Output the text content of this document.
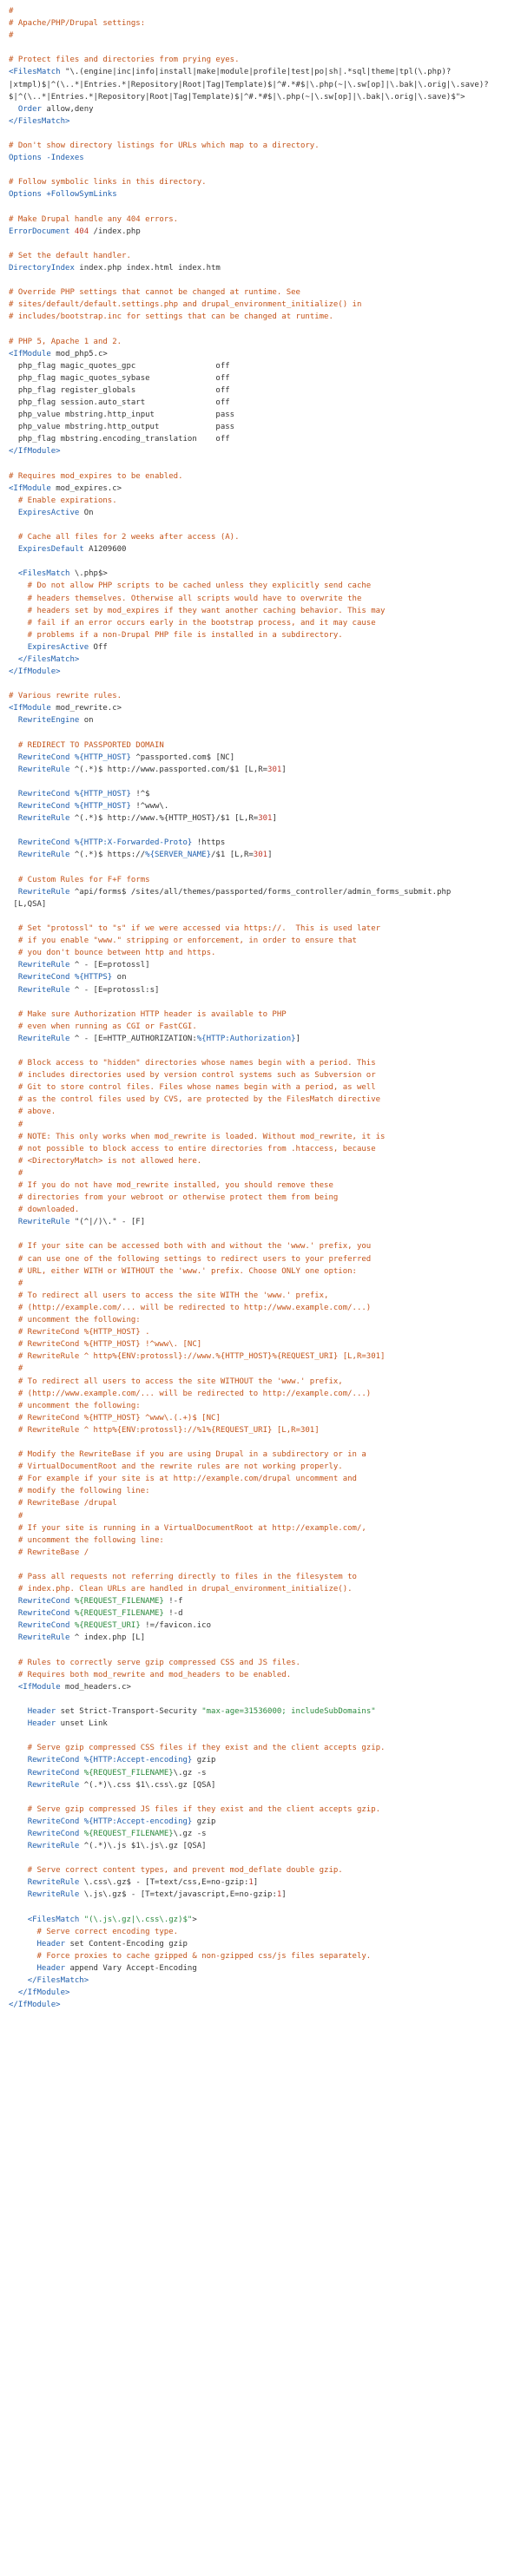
#
# Apache/PHP/Drupal settings:
#

# Protect files and directories from prying eyes.
<FilesMatch "\.(engine|inc|info|install|make|module|profile|test|po|sh|.*sql|theme|tpl(\.php)?
|xtmpl)$|^(\..*|Entries.*|Repository|Root|Tag|Template)$|^#.*#$|\.php(~|\.sw[op]|\.bak|\.orig|\.save)?
$|^(\..*|Entries.*|Repository|Root|Tag|Template)$|^#.*#$|\.php(~|\.sw[op]|\.bak|\.orig|\.save)$">
Order allow,deny
</FilesMatch>

# Don't show directory listings for URLs which map to a directory.
Options -Indexes

# Follow symbolic links in this directory.
Options +FollowSymLinks

# Make Drupal handle any 404 errors.
ErrorDocument 404 /index.php

# Set the default handler.
DirectoryIndex index.php index.html index.htm

# Override PHP settings that cannot be changed at runtime. See
# sites/default/default.settings.php and drupal_environment_initialize() in
# includes/bootstrap.inc for settings that can be changed at runtime.

# PHP 5, Apache 1 and 2.
<IfModule mod_php5.c>
php_flag magic_quotes_gpc                 off
php_flag magic_quotes_sybase              off
php_flag register_globals                 off
php_flag session.auto_start               off
php_value mbstring.http_input             pass
php_value mbstring.http_output            pass
php_flag mbstring.encoding_translation    off
</IfModule>

# Requires mod_expires to be enabled.
<IfModule mod_expires.c>
# Enable expirations.
ExpiresActive On

# Cache all files for 2 weeks after access (A).
ExpiresDefault A1209600

<FilesMatch \.php$>
# Do not allow PHP scripts to be cached unless they explicitly send cache
# headers themselves. Otherwise all scripts would have to overwrite the
# headers set by mod_expires if they want another caching behavior. This may
# fail if an error occurs early in the bootstrap process, and it may cause
# problems if a non-Drupal PHP file is installed in a subdirectory.
ExpiresActive Off
</FilesMatch>
</IfModule>

# Various rewrite rules.
<IfModule mod_rewrite.c>
RewriteEngine on

# REDIRECT TO PASSPORTED DOMAIN
RewriteCond %{HTTP_HOST} ^passported.com$ [NC]
RewriteRule ^(.*)$ http://www.passported.com/$1 [L,R=301]

RewriteCond %{HTTP_HOST} !^$
RewriteCond %{HTTP_HOST} !^www\.
RewriteRule ^(.*)$ http://www.%{HTTP_HOST}/$1 [L,R=301]

RewriteCond %{HTTP:X-Forwarded-Proto} !https
RewriteRule ^(.*)$ https://%{SERVER_NAME}/$1 [L,R=301]

# Custom Rules for F+F forms
RewriteRule ^api/forms$ /sites/all/themes/passported/forms_controller/admin_forms_submit.php
[L,QSA]

# Set "protossl" to "s" if we were accessed via https://.  This is used later
# if you enable "www." stripping or enforcement, in order to ensure that
# you don't bounce between http and https.
RewriteRule ^ - [E=protossl]
RewriteCond %{HTTPS} on
RewriteRule ^ - [E=protossl:s]

# Make sure Authorization HTTP header is available to PHP
# even when running as CGI or FastCGI.
RewriteRule ^ - [E=HTTP_AUTHORIZATION:%{HTTP:Authorization}]

# Block access to "hidden" directories whose names begin with a period. This
# includes directories used by version control systems such as Subversion or
# Git to store control files. Files whose names begin with a period, as well
# as the control files used by CVS, are protected by the FilesMatch directive
# above.
#
# NOTE: This only works when mod_rewrite is loaded. Without mod_rewrite, it is
# not possible to block access to entire directories from .htaccess, because
# <DirectoryMatch> is not allowed here.
#
# If you do not have mod_rewrite installed, you should remove these
# directories from your webroot or otherwise protect them from being
# downloaded.
RewriteRule "(^|/)\." - [F]

# If your site can be accessed both with and without the 'www.' prefix, you
# can use one of the following settings to redirect users to your preferred
# URL, either WITH or WITHOUT the 'www.' prefix. Choose ONLY one option:
#
# To redirect all users to access the site WITH the 'www.' prefix,
# (http://example.com/... will be redirected to http://www.example.com/...)
# uncomment the following:
# RewriteCond %{HTTP_HOST} .
# RewriteCond %{HTTP_HOST} !^www\. [NC]
# RewriteRule ^ http%{ENV:protossl}://www.%{HTTP_HOST}%{REQUEST_URI} [L,R=301]
#
# To redirect all users to access the site WITHOUT the 'www.' prefix,
# (http://www.example.com/... will be redirected to http://example.com/...)
# uncomment the following:
# RewriteCond %{HTTP_HOST} ^www\.(.+)$ [NC]
# RewriteRule ^ http%{ENV:protossl}://%1%{REQUEST_URI} [L,R=301]

# Modify the RewriteBase if you are using Drupal in a subdirectory or in a
# VirtualDocumentRoot and the rewrite rules are not working properly.
# For example if your site is at http://example.com/drupal uncomment and
# modify the following line:
# RewriteBase /drupal
#
# If your site is running in a VirtualDocumentRoot at http://example.com/,
# uncomment the following line:
# RewriteBase /

# Pass all requests not referring directly to files in the filesystem to
# index.php. Clean URLs are handled in drupal_environment_initialize().
RewriteCond %{REQUEST_FILENAME} !-f
RewriteCond %{REQUEST_FILENAME} !-d
RewriteCond %{REQUEST_URI} !=/favicon.ico
RewriteRule ^ index.php [L]

# Rules to correctly serve gzip compressed CSS and JS files.
# Requires both mod_rewrite and mod_headers to be enabled.
<IfModule mod_headers.c>

Header set Strict-Transport-Security "max-age=31536000; includeSubDomains"
Header unset Link

# Serve gzip compressed CSS files if they exist and the client accepts gzip.
RewriteCond %{HTTP:Accept-encoding} gzip
RewriteCond %{REQUEST_FILENAME}\.gz -s
RewriteRule ^(.*)\.css $1\.css\.gz [QSA]

# Serve gzip compressed JS files if they exist and the client accepts gzip.
RewriteCond %{HTTP:Accept-encoding} gzip
RewriteCond %{REQUEST_FILENAME}\.gz -s
RewriteRule ^(.*)\.js $1\.js\.gz [QSA]

# Serve correct content types, and prevent mod_deflate double gzip.
RewriteRule \.css\.gz$ - [T=text/css,E=no-gzip:1]
RewriteRule \.js\.gz$ - [T=text/javascript,E=no-gzip:1]

<FilesMatch "(\.js\.gz|\.css\.gz)$">
# Serve correct encoding type.
Header set Content-Encoding gzip
# Force proxies to cache gzipped & non-gzipped css/js files separately.
Header append Vary Accept-Encoding
</FilesMatch>
</IfModule>
</IfModule>
